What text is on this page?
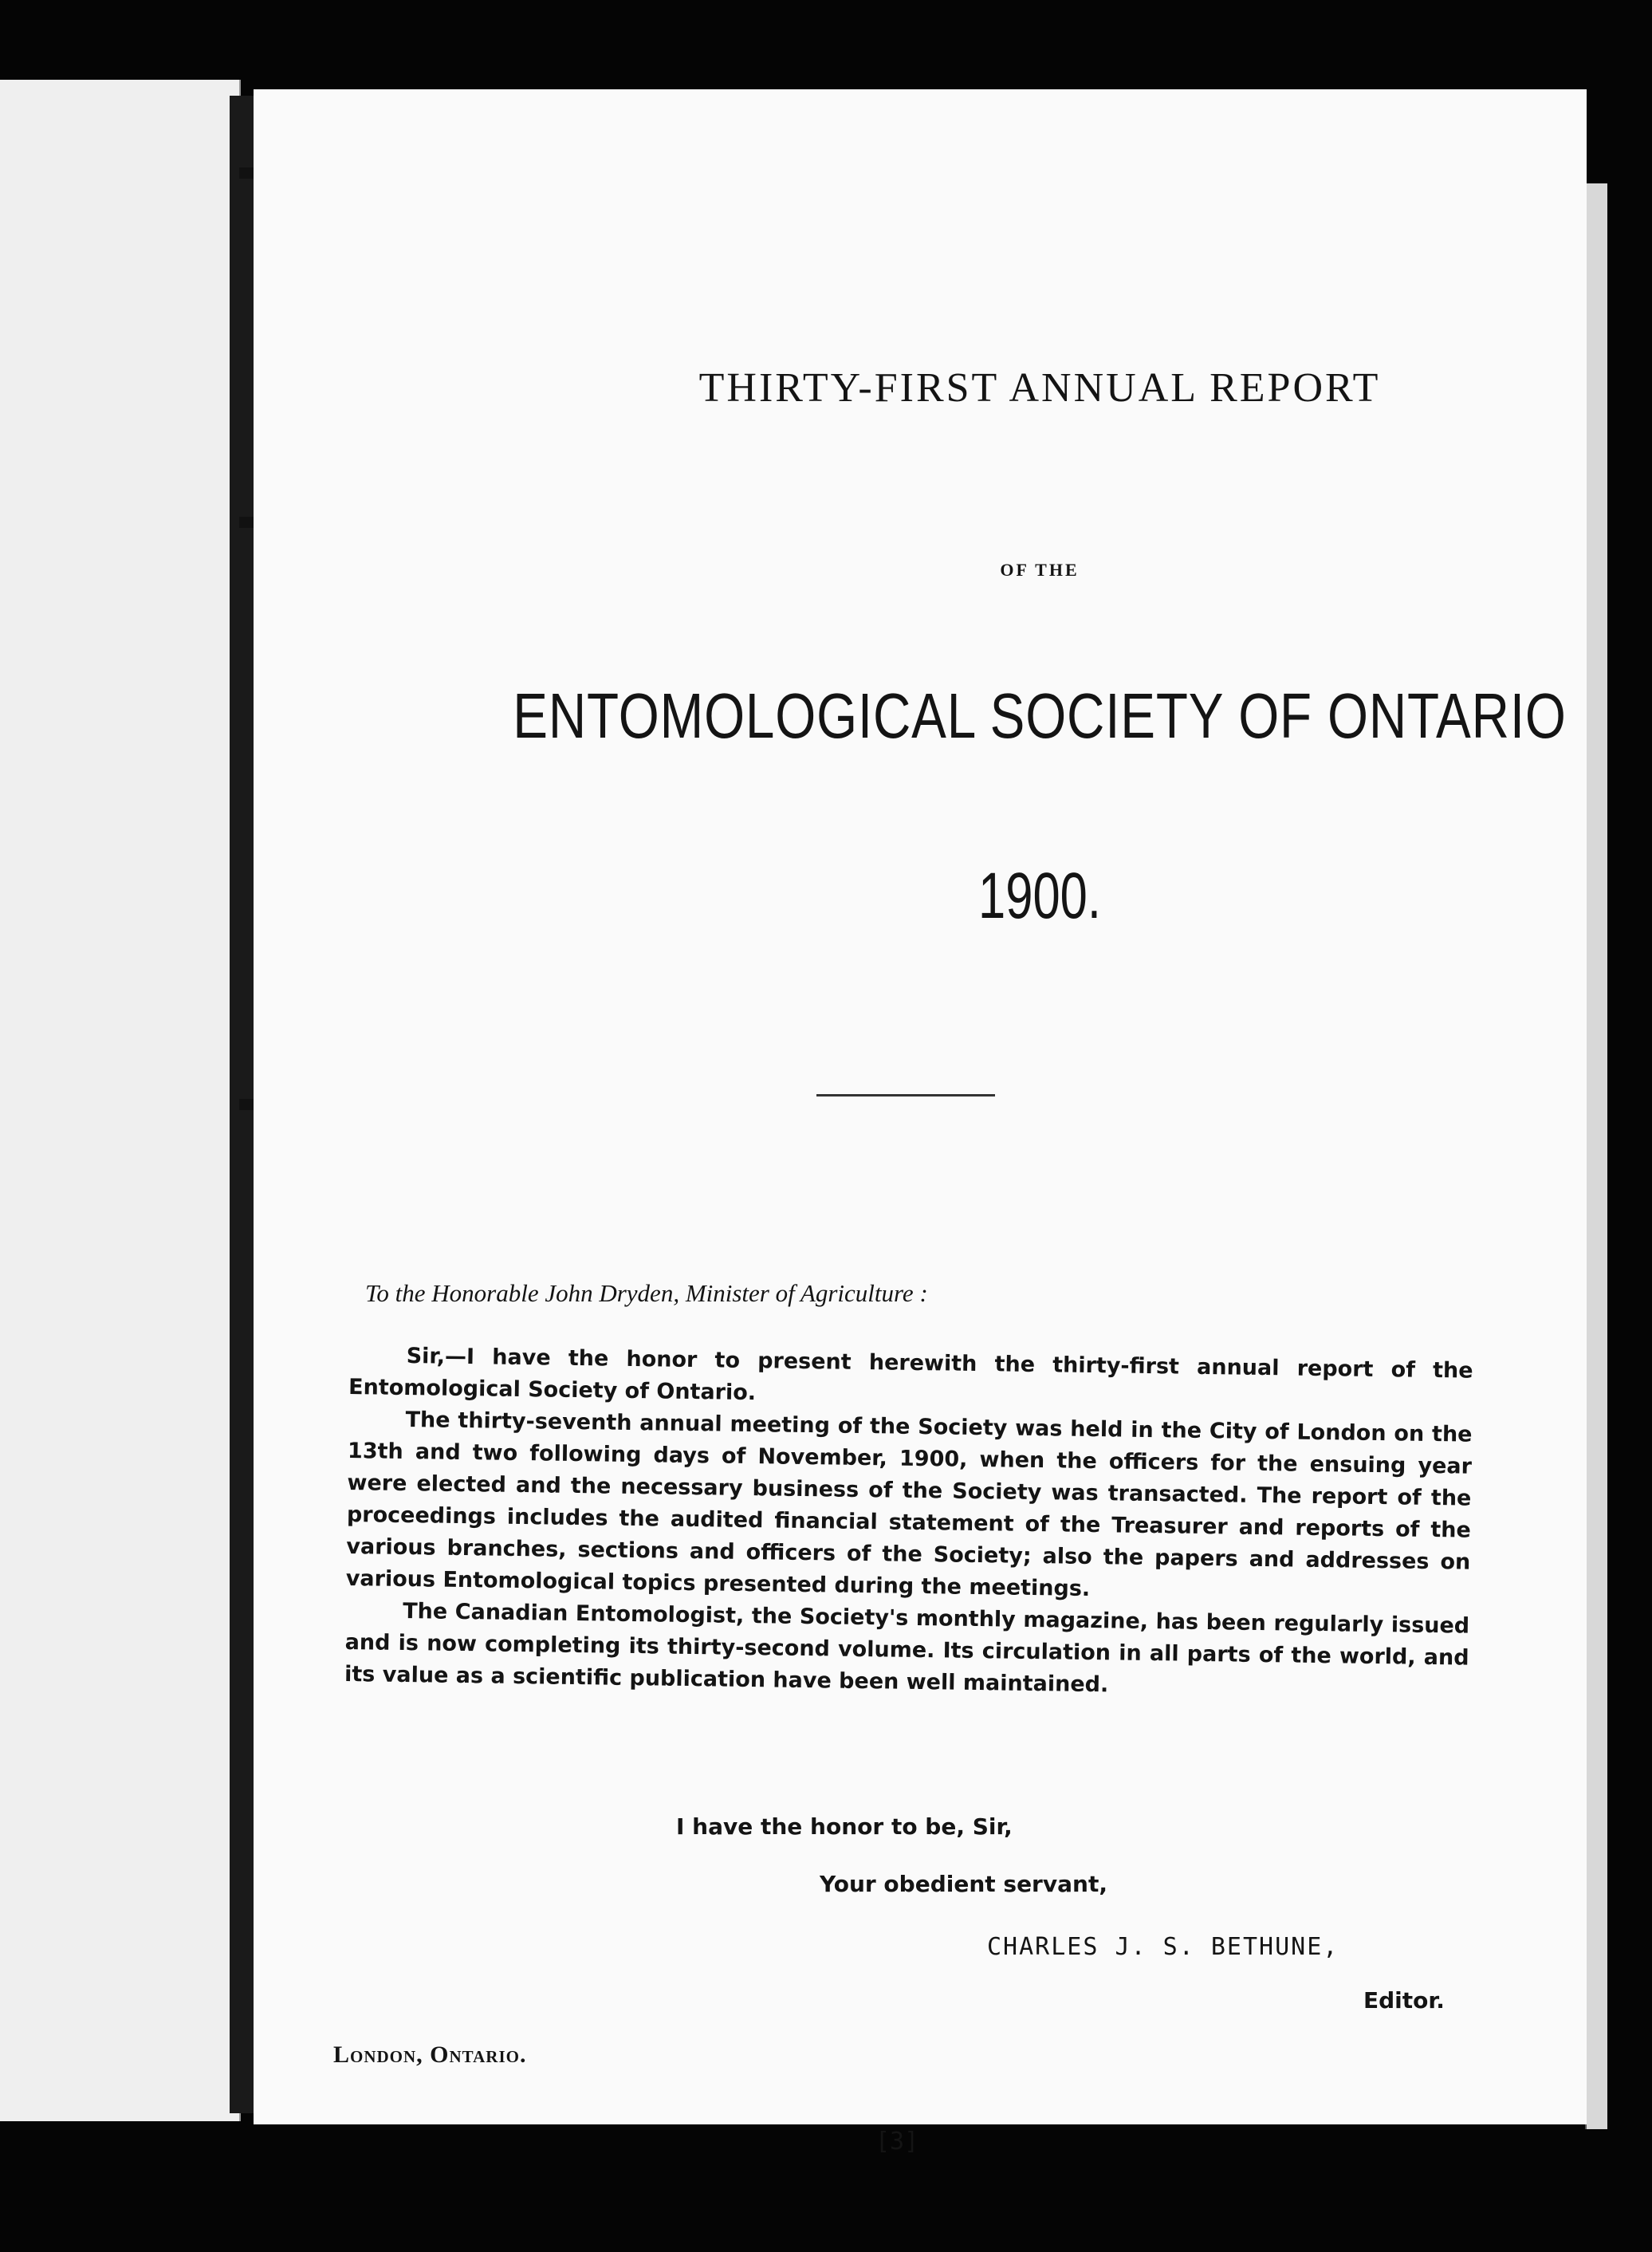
THIRTY-FIRST ANNUAL REPORT
OF THE
ENTOMOLOGICAL SOCIETY OF ONTARIO
1900.
To the Honorable John Dryden, Minister of Agriculture :

Sir,—I have the honor to present herewith the thirty-first annual report of the Entomological Society of Ontario.

The thirty-seventh annual meeting of the Society was held in the City of London on the 13th and two following days of November, 1900, when the officers for the ensuing year were elected and the necessary business of the Society was transacted. The report of the proceedings includes the audited financial statement of the Treasurer and reports of the various branches, sections and officers of the Society; also the papers and addresses on various Entomological topics presented during the meetings.

The Canadian Entomologist, the Society's monthly magazine, has been regularly issued and is now completing its thirty-second volume. Its circulation in all parts of the world, and its value as a scientific publication have been well maintained.

I have the honor to be, Sir,
Your obedient servant,
CHARLES J. S. BETHUNE,
Editor.
London, Ontario.
[3]
